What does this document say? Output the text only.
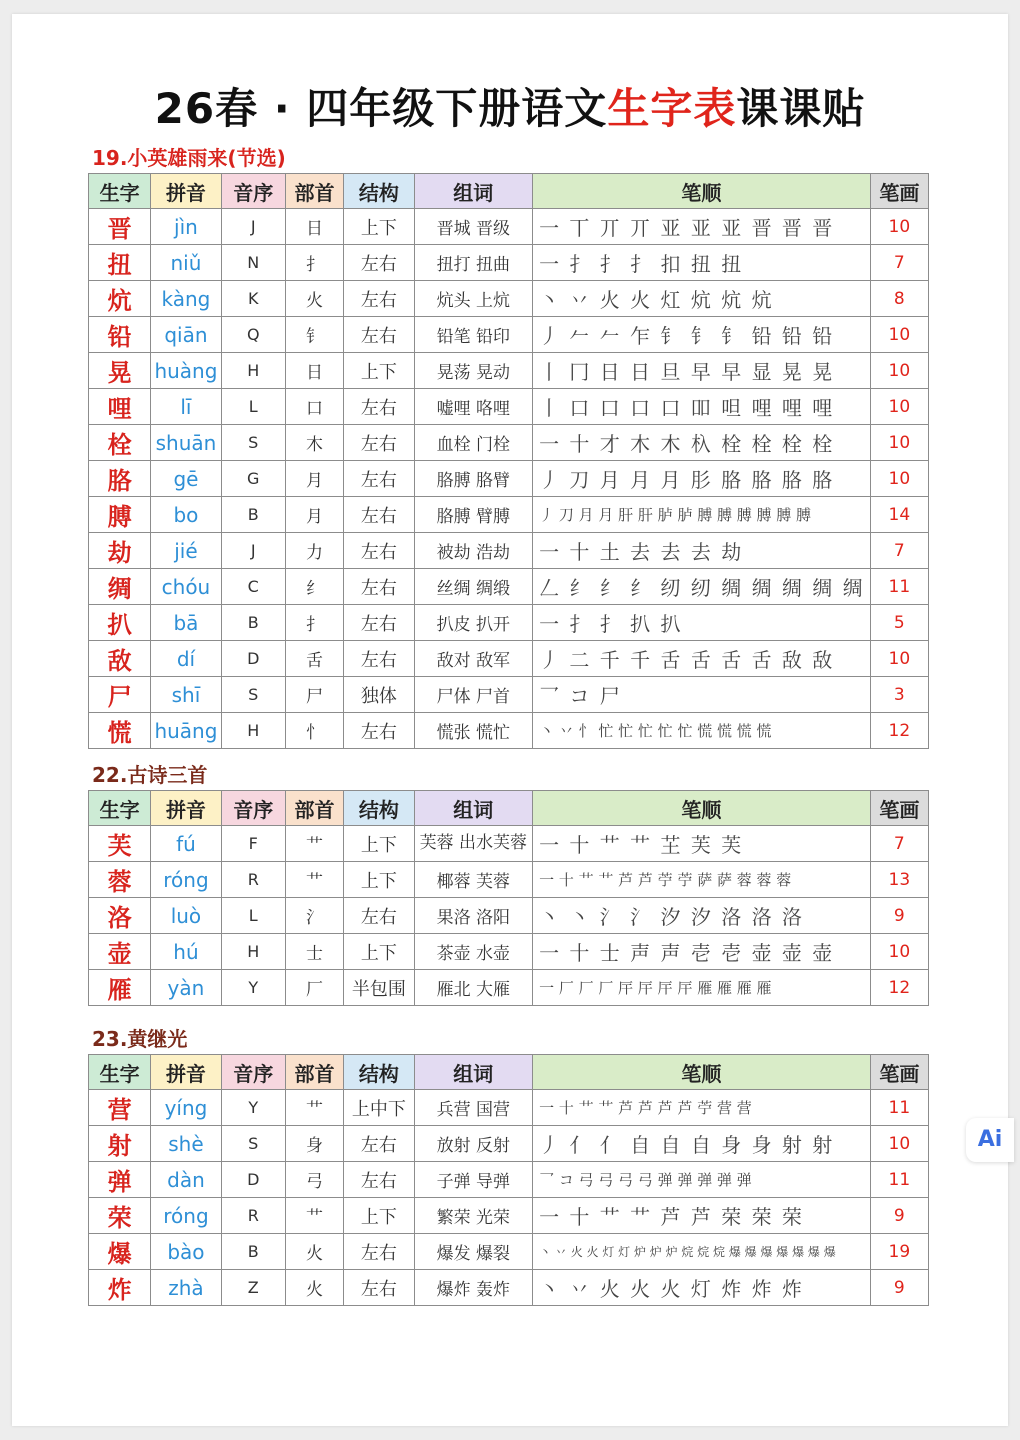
26春 · 四年级下册语文生字表课课贴
19.小英雄雨来(节选)
生字	拼音	音序	部首	结构	组词	笔顺	笔画
晋	jìn	J	日	上下	晋城 晋级	一 丅 丌 丌 亚 亚 亚 晋 晋 晋	10
扭	niǔ	N	扌	左右	扭打 扭曲	一 扌 扌 扌 扣 扭 扭	7
炕	kàng	K	火	左右	炕头 上炕	丶 丷 火 火 灴 炕 炕 炕	8
铅	qiān	Q	钅	左右	铅笔 铅印	丿 𠂉 𠂉 乍 钅 钅 钅 铅 铅 铅	10
晃	huàng	H	日	上下	晃荡 晃动	丨 冂 日 日 旦 早 早 显 晃 晃	10
哩	lī	L	口	左右	嘘哩 咯哩	丨 口 口 口 口 吅 呾 哩 哩 哩	10
栓	shuān	S	木	左右	血栓 门栓	一 十 才 木 木 杁 栓 栓 栓 栓	10
胳	gē	G	月	左右	胳膊 胳臂	丿 刀 月 月 月 肜 胳 胳 胳 胳	10
膊	bo	B	月	左右	胳膊 臂膊	丿 刀 月 月 肝 肝 胪 胪 膊 膊 膊 膊 膊 膊	14
劫	jié	J	力	左右	被劫 浩劫	一 十 土 去 去 去 劫	7
绸	chóu	C	纟	左右	丝绸 绸缎	𠃋 纟 纟 纟 纫 纫 绸 绸 绸 绸 绸	11
扒	bā	B	扌	左右	扒皮 扒开	一 扌 扌 扒 扒	5
敌	dí	D	舌	左右	敌对 敌军	丿 二 千 千 舌 舌 舌 舌 敌 敌	10
尸	shī	S	尸	独体	尸体 尸首	乛 コ 尸	3
慌	huāng	H	忄	左右	慌张 慌忙	丶 丷 忄 忙 忙 忙 忙 忙 慌 慌 慌 慌	12
22.古诗三首
生字	拼音	音序	部首	结构	组词	笔顺	笔画
芙	fú	F	艹	上下	芙蓉 出水芙蓉	一 十 艹 艹 芏 芙 芙	7
蓉	róng	R	艹	上下	椰蓉 芙蓉	一 十 艹 艹 芦 芦 苧 苧 萨 萨 蓉 蓉 蓉	13
洛	luò	L	氵	左右	果洛 洛阳	丶 丶 氵 氵 汐 汐 洛 洛 洛	9
壶	hú	H	士	上下	茶壶 水壶	一 十 士 声 声 壱 壱 壶 壶 壶	10
雁	yàn	Y	厂	半包围	雁北 大雁	一 厂 厂 厂 厈 厈 厈 厈 雁 雁 雁 雁	12
23.黄继光
生字	拼音	音序	部首	结构	组词	笔顺	笔画
营	yíng	Y	艹	上中下	兵营 国营	一 十 艹 艹 芦 芦 芦 芦 苧 营 营	11
射	shè	S	身	左右	放射 反射	丿 亻 亻 自 自 自 身 身 射 射	10
弹	dàn	D	弓	左右	子弹 导弹	乛 コ 弓 弓 弓 弓 弹 弹 弹 弹 弹	11
荣	róng	R	艹	上下	繁荣 光荣	一 十 艹 艹 芦 芦 荣 荣 荣	9
爆	bào	B	火	左右	爆发 爆裂	丶 丷 火 火 灯 灯 炉 炉 炉 烷 烷 烷 爆 爆 爆 爆 爆 爆 爆	19
炸	zhà	Z	火	左右	爆炸 轰炸	丶 丷 火 火 火 灯 炸 炸 炸	9
Ai
